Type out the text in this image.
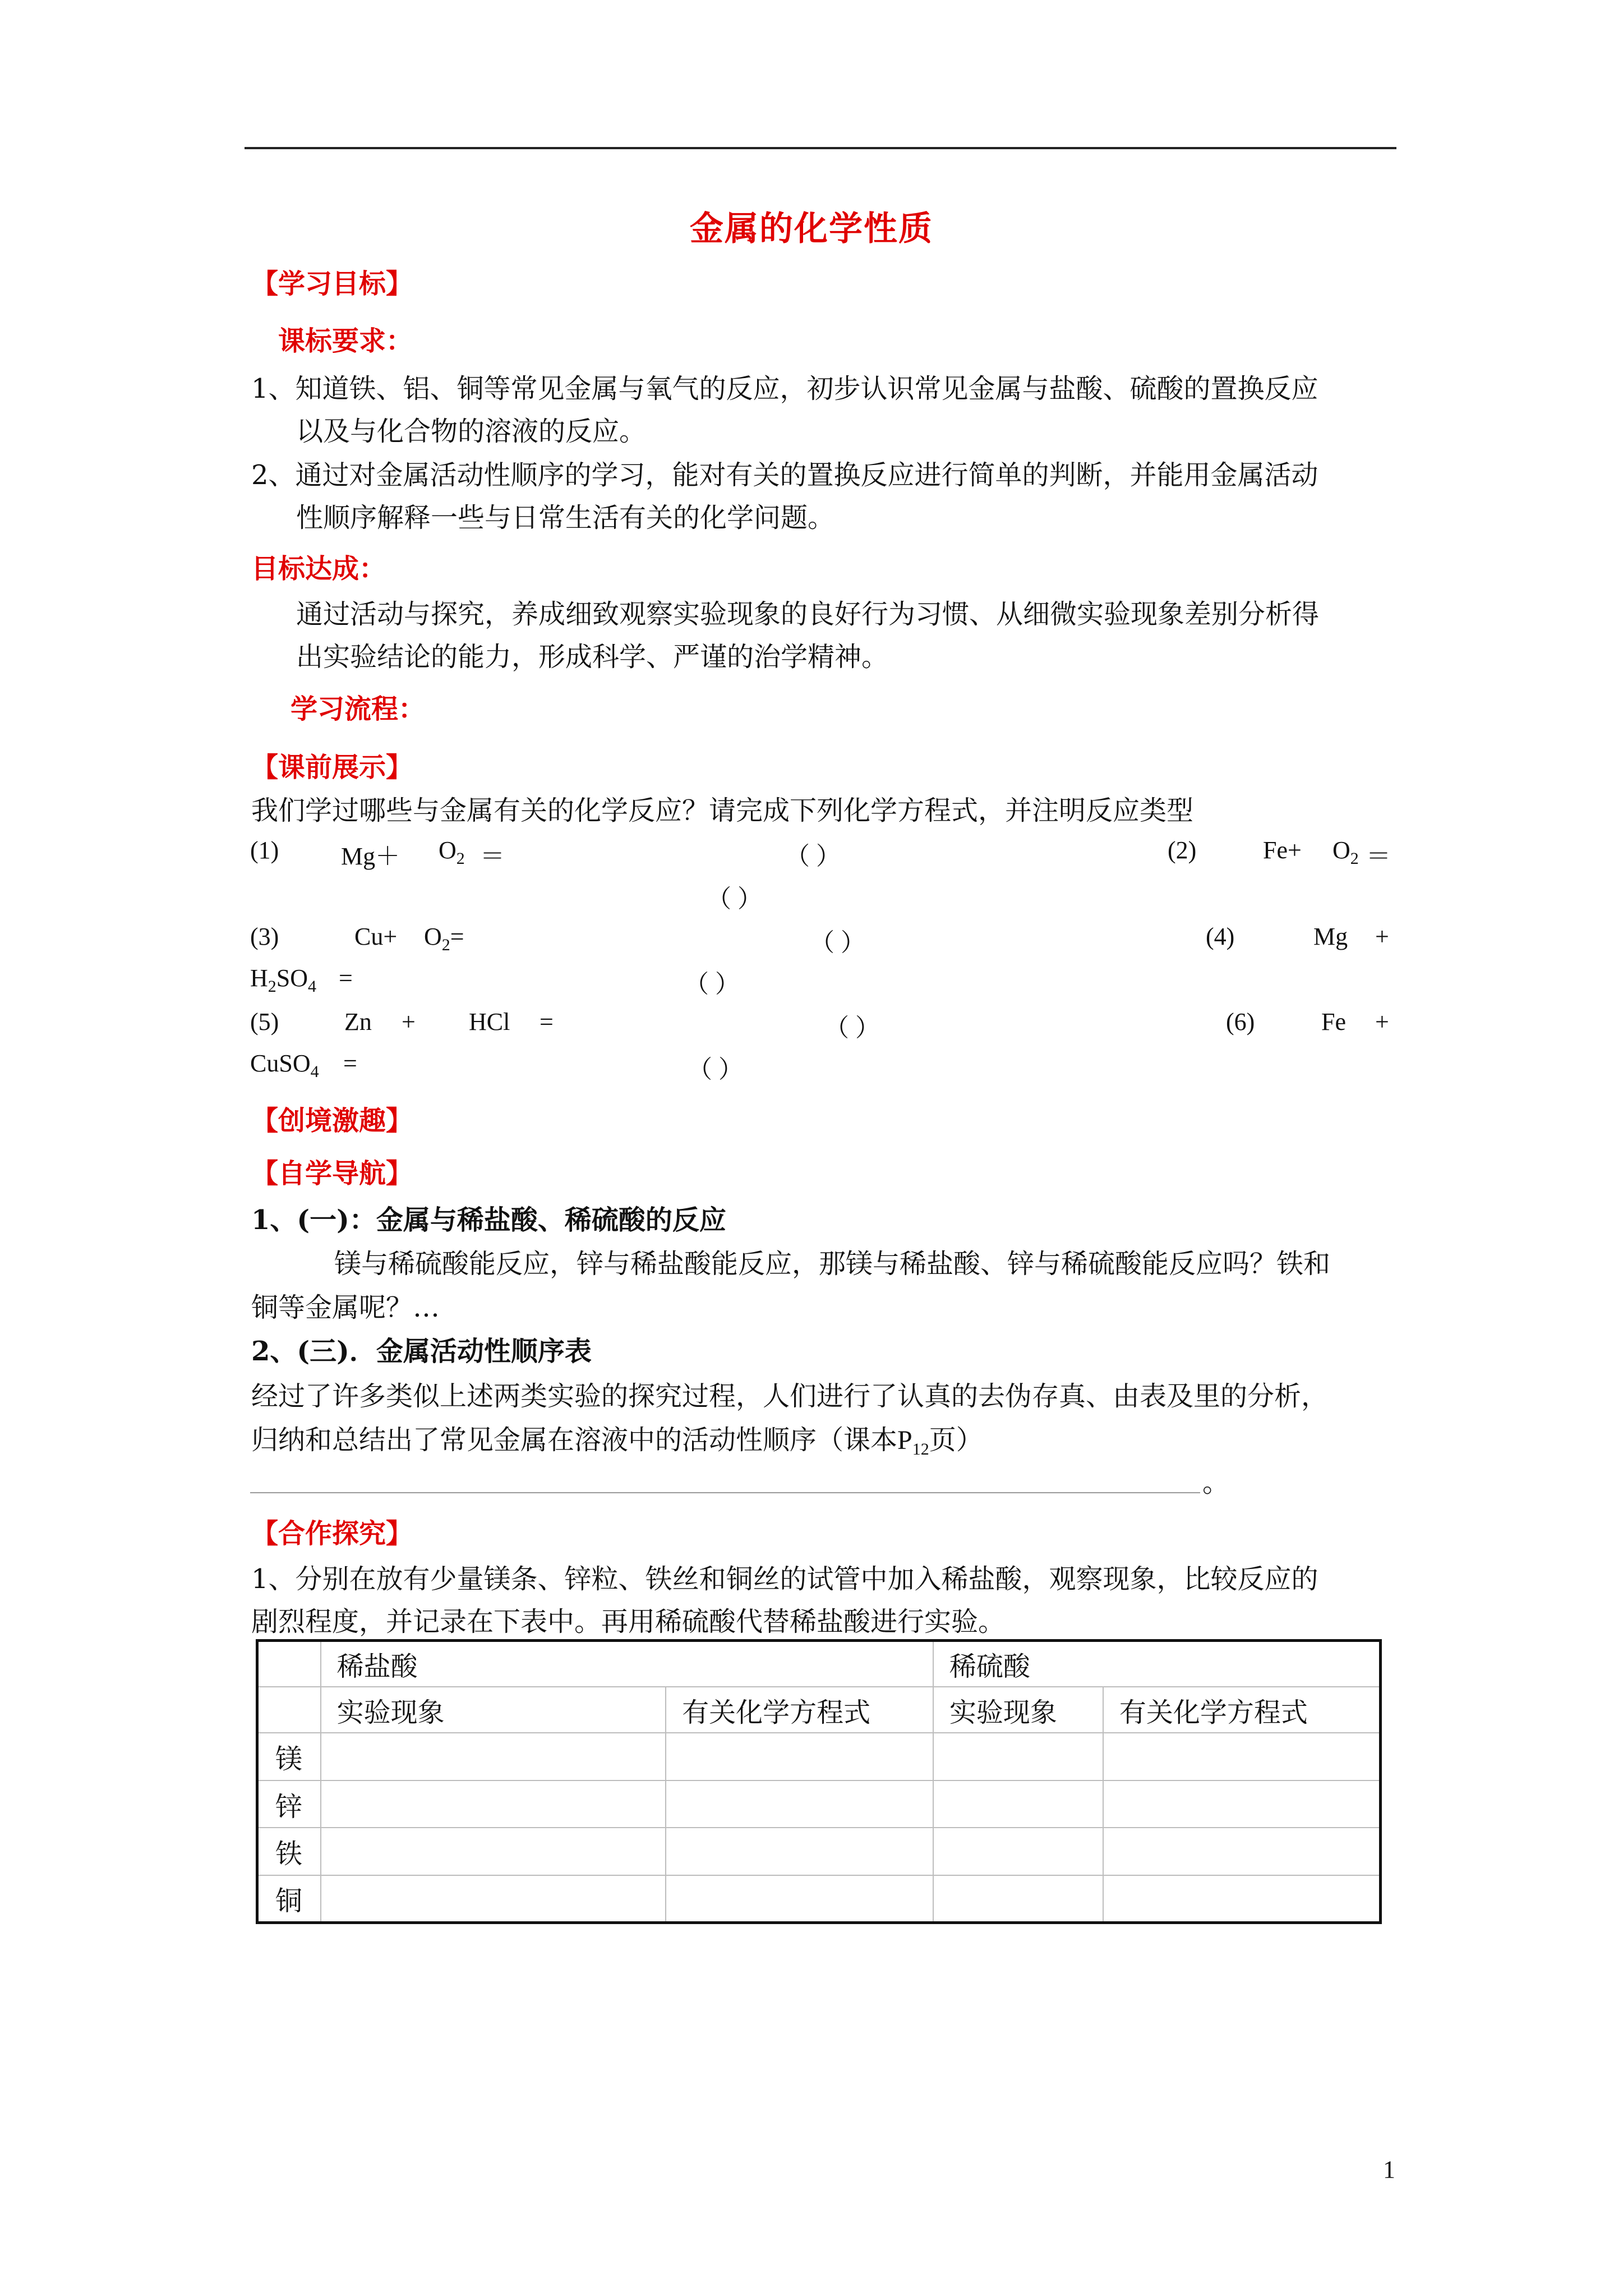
金属的化学性质
【学习目标】
课标要求：
1、知道铁、铝、铜等常见金属与氧气的反应，初步认识常见金属与盐酸、硫酸的置换反应
以及与化合物的溶液的反应。
2、通过对金属活动性顺序的学习，能对有关的置换反应进行简单的判断，并能用金属活动
性顺序解释一些与日常生活有关的化学问题。
目标达成：
通过活动与探究，养成细致观察实验现象的良好行为习惯、从细微实验现象差别分析得
出实验结论的能力，形成科学、严谨的治学精神。
学习流程：
【课前展示】
我们学过哪些与金属有关的化学反应？请完成下列化学方程式，并注明反应类型
(1)	$Mg+ O_2$ ＝	（ ）	(2)	$Fe+ O_2$ ＝
（ ）
(3)	$Cu+ O_2=$	（ ）	(4)	Mg +
$H_2SO_4$ =	（ ）
(5)	Zn + HCl =	（ ）	(6)	Fe +
CuSO$_4$ =	（ ）
【创境激趣】
【自学导航】
1、(一)：金属与稀盐酸、稀硫酸的反应
镁与稀硫酸能反应，锌与稀盐酸能反应，那镁与稀盐酸、锌与稀硫酸能反应吗？铁和
铜等金属呢？…
2、(三)．金属活动性顺序表
经过了许多类似上述两类实验的探究过程，人们进行了认真的去伪存真、由表及里的分析，
归纳和总结出了常见金属在溶液中的活动性顺序（课本$P_{12}$页）
。
【合作探究】
1、分别在放有少量镁条、锌粒、铁丝和铜丝的试管中加入稀盐酸，观察现象，比较反应的
剧烈程度，并记录在下表中。再用稀硫酸代替稀盐酸进行实验。
	稀盐酸		稀硫酸	
	实验现象	有关化学方程式	实验现象	有关化学方程式
镁				
锌				
铁				
铜				
1
